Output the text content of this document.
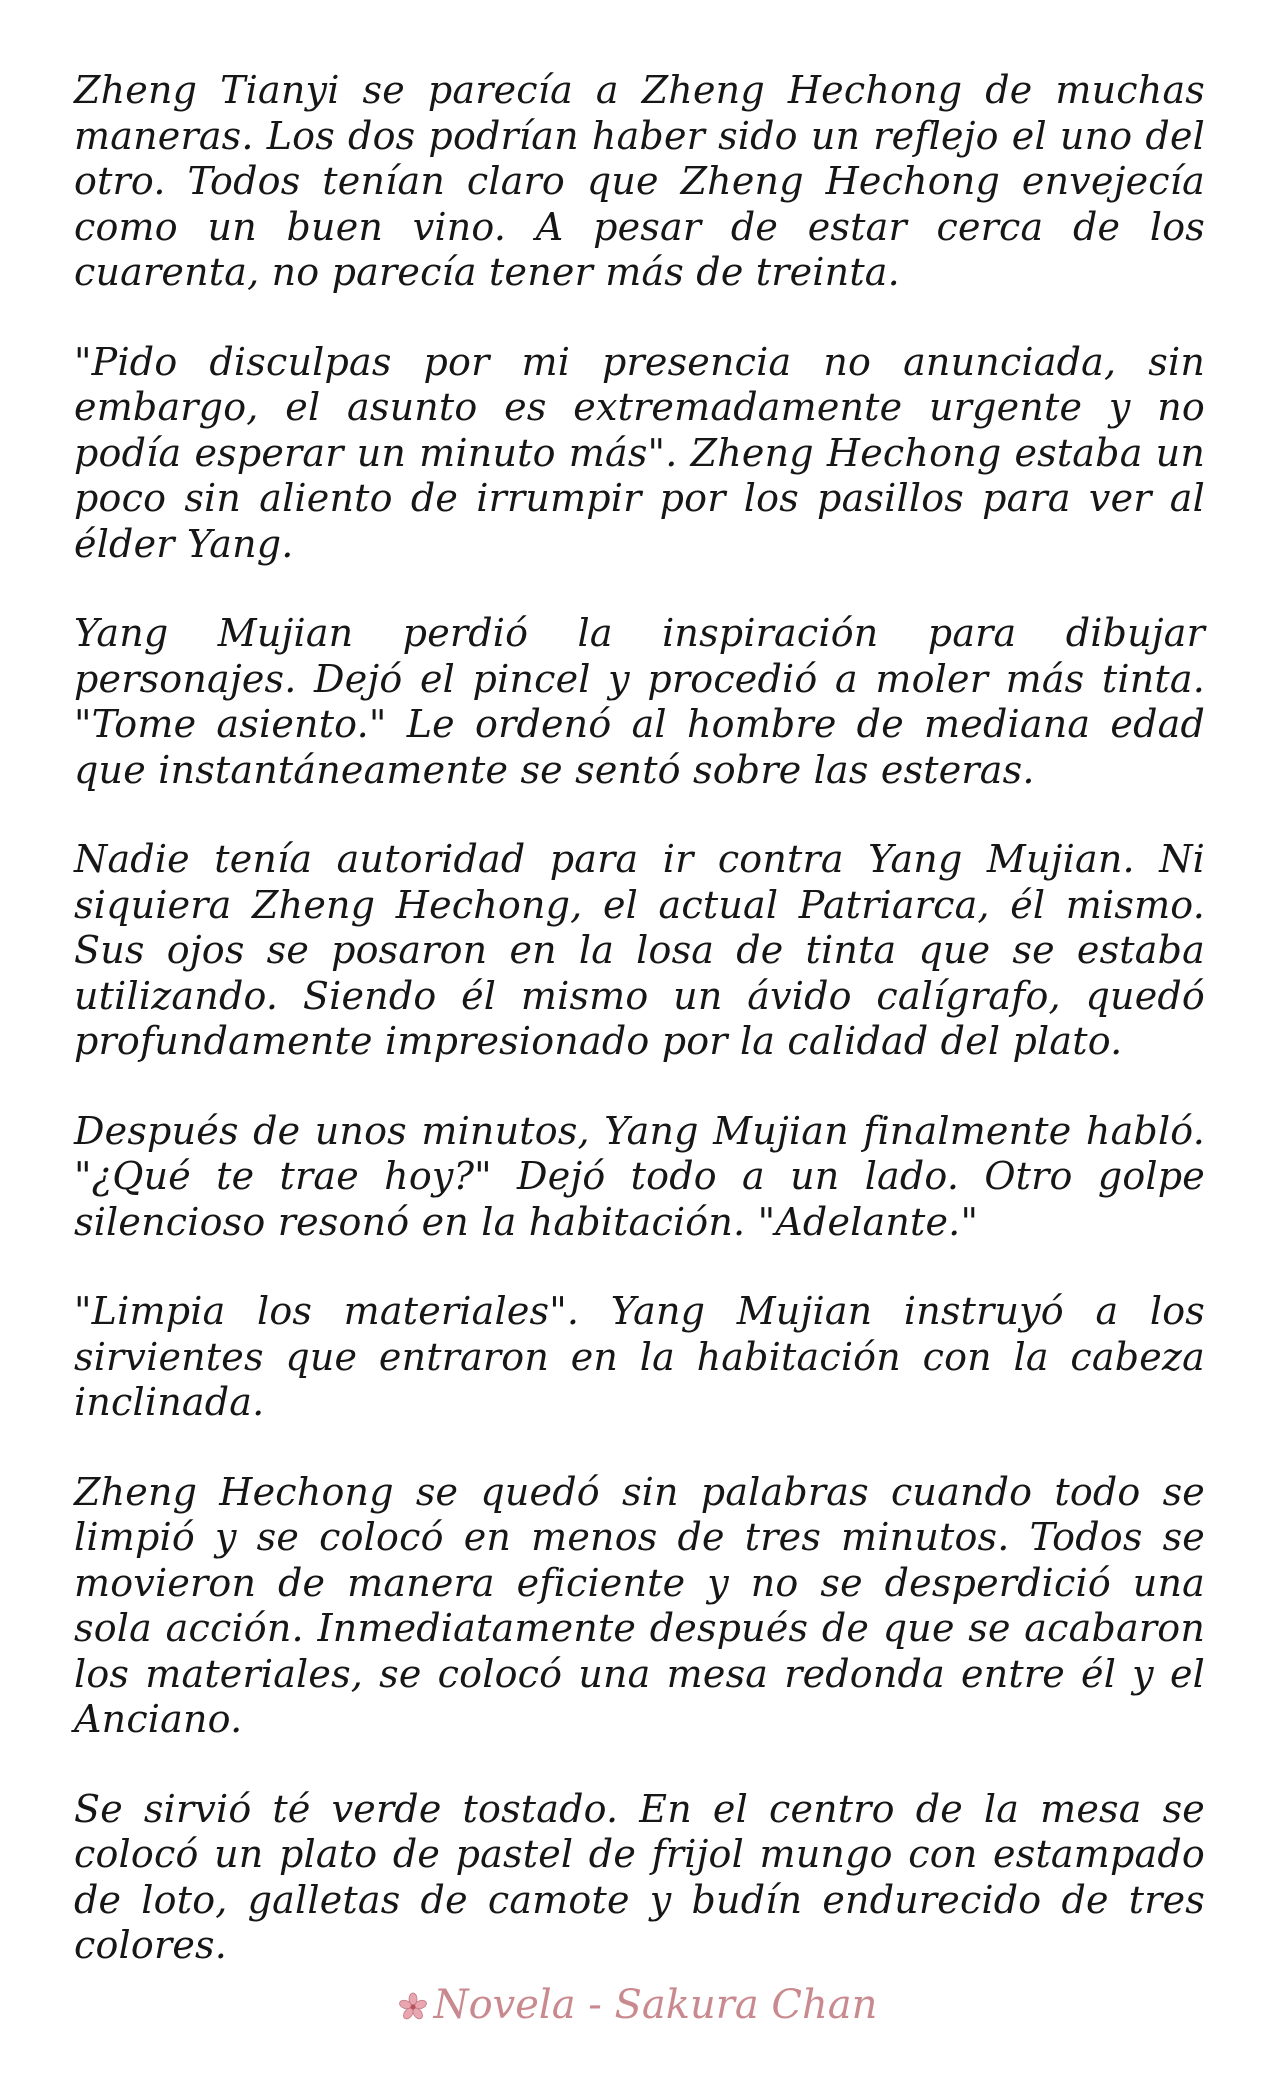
Zheng Tianyi se parecía a Zheng Hechong de muchas maneras. Los dos podrían haber sido un reflejo el uno del otro. Todos tenían claro que Zheng Hechong envejecía como un buen vino. A pesar de estar cerca de los cuarenta, no parecía tener más de treinta.

"Pido disculpas por mi presencia no anunciada, sin embargo, el asunto es extremadamente urgente y no podía esperar un minuto más". Zheng Hechong estaba un poco sin aliento de irrumpir por los pasillos para ver al élder Yang.

Yang Mujian perdió la inspiración para dibujar personajes. Dejó el pincel y procedió a moler más tinta. "Tome asiento." Le ordenó al hombre de mediana edad que instantáneamente se sentó sobre las esteras.

Nadie tenía autoridad para ir contra Yang Mujian. Ni siquiera Zheng Hechong, el actual Patriarca, él mismo. Sus ojos se posaron en la losa de tinta que se estaba utilizando. Siendo él mismo un ávido calígrafo, quedó profundamente impresionado por la calidad del plato.

Después de unos minutos, Yang Mujian finalmente habló. "¿Qué te trae hoy?" Dejó todo a un lado. Otro golpe silencioso resonó en la habitación. "Adelante."

"Limpia los materiales". Yang Mujian instruyó a los sirvientes que entraron en la habitación con la cabeza inclinada.

Zheng Hechong se quedó sin palabras cuando todo se limpió y se colocó en menos de tres minutos. Todos se movieron de manera eficiente y no se desperdició una sola acción. Inmediatamente después de que se acabaron los materiales, se colocó una mesa redonda entre él y el Anciano.

Se sirvió té verde tostado. En el centro de la mesa se colocó un plato de pastel de frijol mungo con estampado de loto, galletas de camote y budín endurecido de tres colores.

Novela - Sakura Chan
